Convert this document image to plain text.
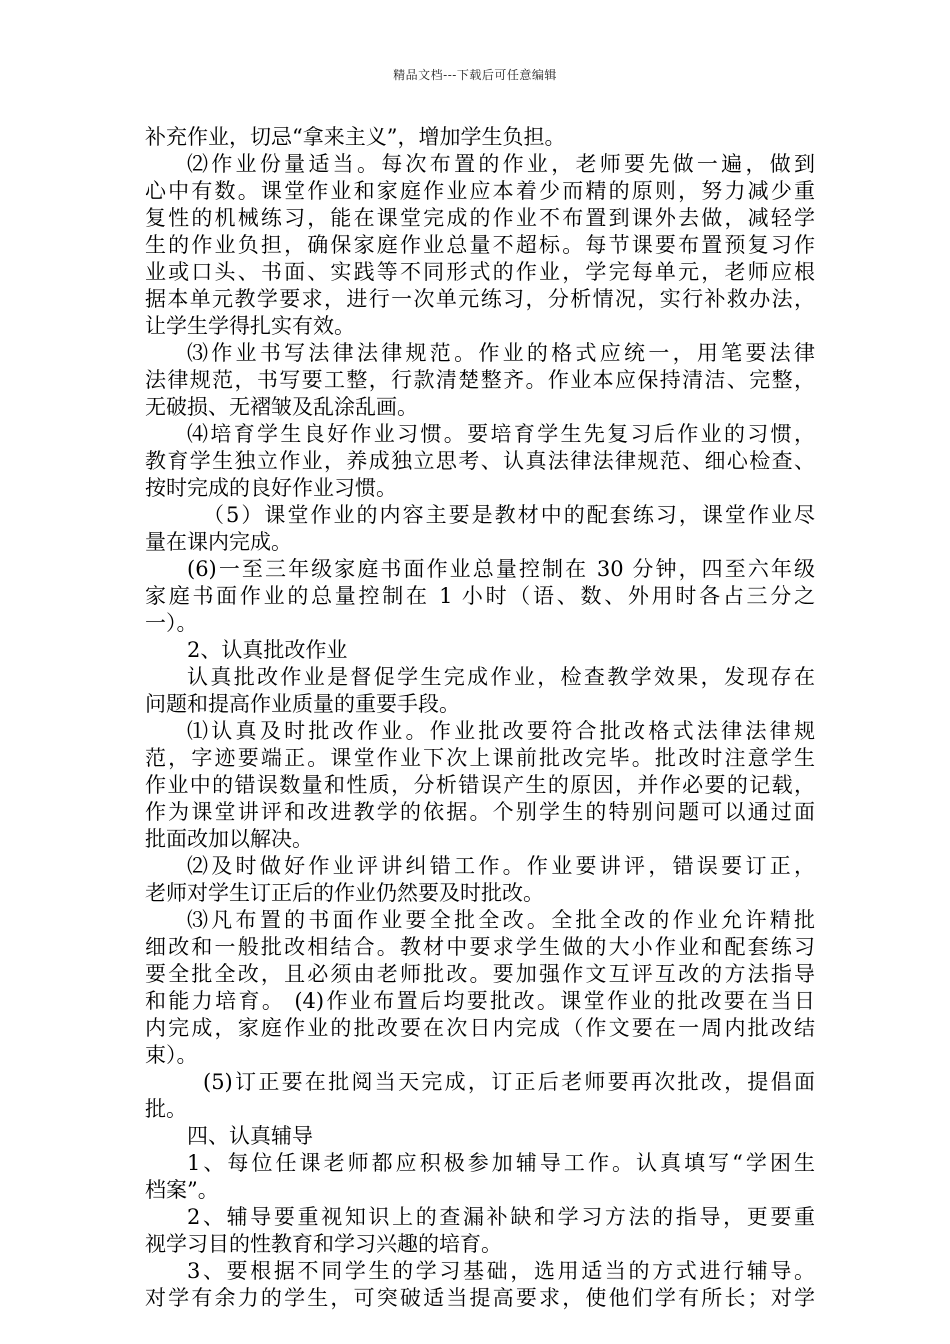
精品文档---下载后可任意编辑
补充作业，切忌“拿来主义”，增加学生负担。
⑵作业份量适当。每次布置的作业，老师要先做一遍，做到
心中有数。课堂作业和家庭作业应本着少而精的原则，努力减少重
复性的机械练习，能在课堂完成的作业不布置到课外去做，减轻学
生的作业负担，确保家庭作业总量不超标。每节课要布置预复习作
业或口头、书面、实践等不同形式的作业，学完每单元，老师应根
据本单元教学要求，进行一次单元练习，分析情况，实行补救办法，
让学生学得扎实有效。
⑶作业书写法律法律规范。作业的格式应统一，用笔要法律
法律规范，书写要工整，行款清楚整齐。作业本应保持清洁、完整，
无破损、无褶皱及乱涂乱画。
⑷培育学生良好作业习惯。要培育学生先复习后作业的习惯，
教育学生独立作业，养成独立思考、认真法律法律规范、细心检查、
按时完成的良好作业习惯。
（5）课堂作业的内容主要是教材中的配套练习，课堂作业尽
量在课内完成。
(6)一至三年级家庭书面作业总量控制在 30 分钟，四至六年级
家庭书面作业的总量控制在 1 小时（语、数、外用时各占三分之
一）。
2、认真批改作业
认真批改作业是督促学生完成作业，检查教学效果，发现存在
问题和提高作业质量的重要手段。
⑴认真及时批改作业。作业批改要符合批改格式法律法律规
范，字迹要端正。课堂作业下次上课前批改完毕。批改时注意学生
作业中的错误数量和性质，分析错误产生的原因，并作必要的记载，
作为课堂讲评和改进教学的依据。个别学生的特别问题可以通过面
批面改加以解决。
⑵及时做好作业评讲纠错工作。作业要讲评，错误要订正，
老师对学生订正后的作业仍然要及时批改。
⑶凡布置的书面作业要全批全改。全批全改的作业允许精批
细改和一般批改相结合。教材中要求学生做的大小作业和配套练习
要全批全改，且必须由老师批改。要加强作文互评互改的方法指导
和能力培育。 (4)作业布置后均要批改。课堂作业的批改要在当日
内完成，家庭作业的批改要在次日内完成（作文要在一周内批改结
束）。
(5)订正要在批阅当天完成，订正后老师要再次批改，提倡面
批。
四、认真辅导
1、每位任课老师都应积极参加辅导工作。认真填写“学困生
档案”。
2、辅导要重视知识上的查漏补缺和学习方法的指导，更要重
视学习目的性教育和学习兴趣的培育。
3、要根据不同学生的学习基础，选用适当的方式进行辅导。
对学有余力的学生，可突破适当提高要求，使他们学有所长；对学
